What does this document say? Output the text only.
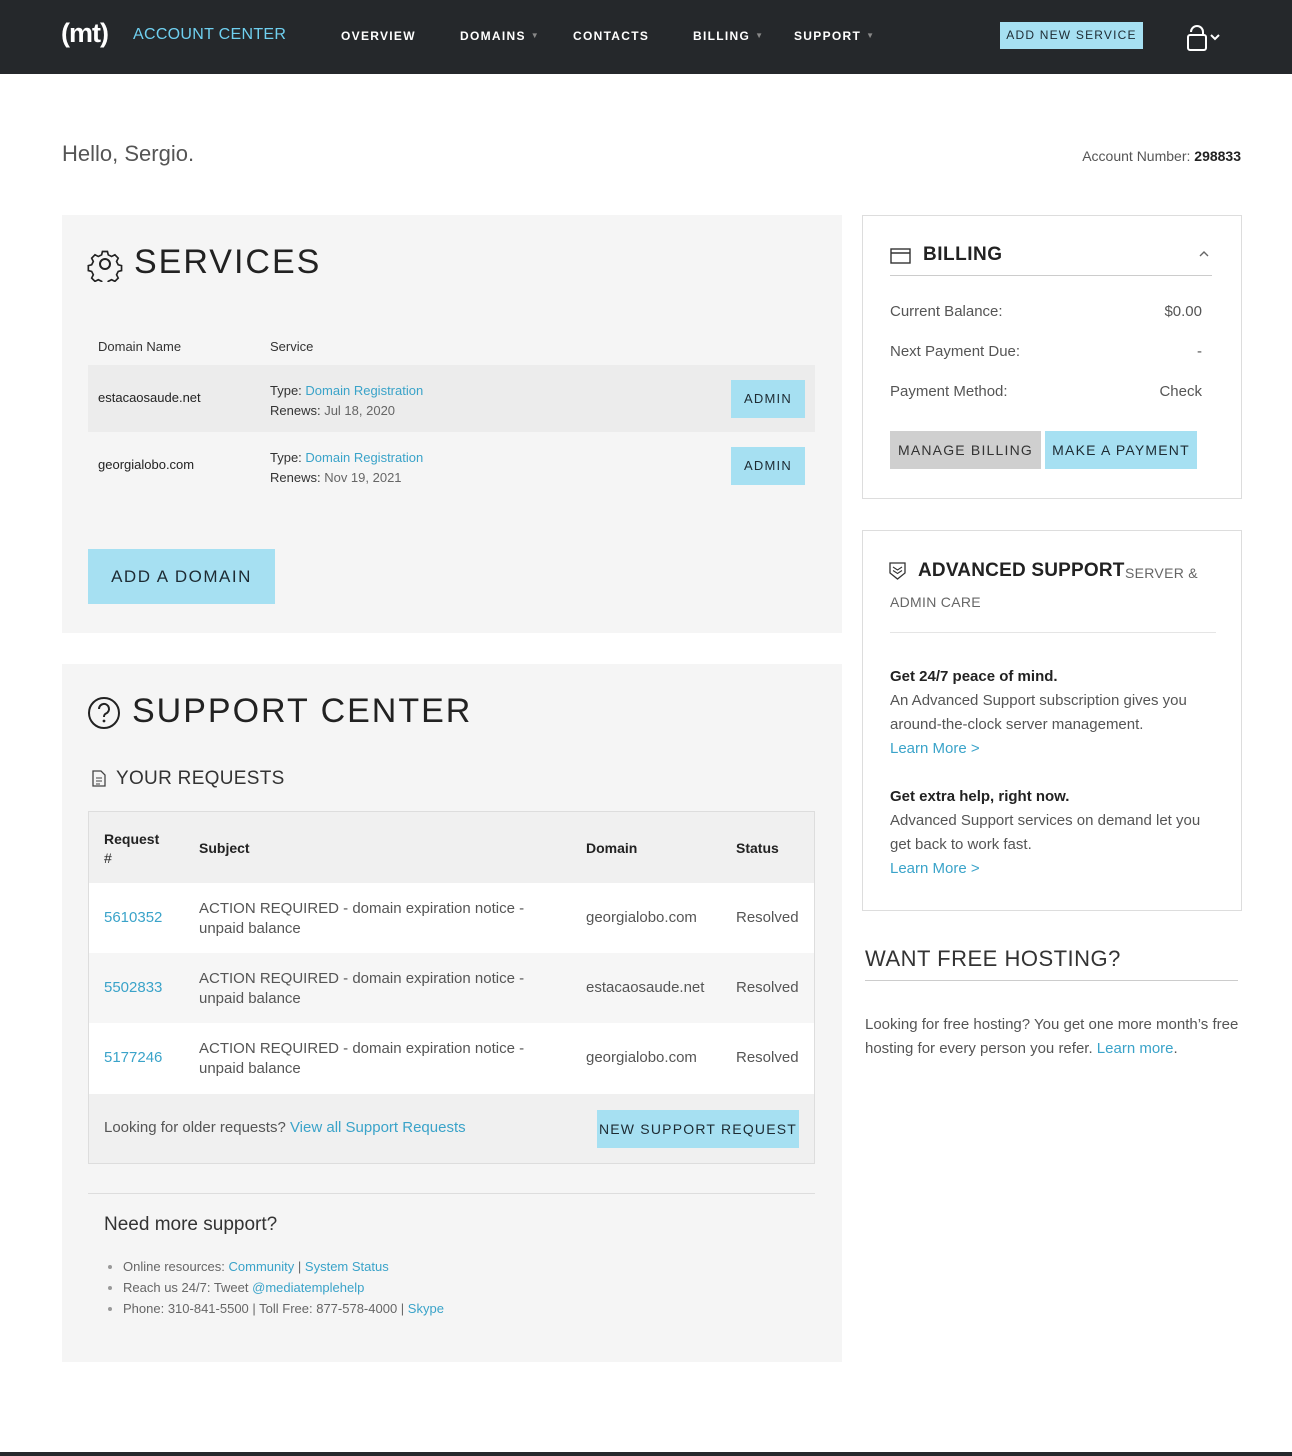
(mt) ACCOUNT CENTER	OVERVIEW	DOMAINS ▼	CONTACTS	BILLING ▼ SUPPORT ▼	ADD NEW SERVICE
Hello, Sergio.	Account Number: 298833
SERVICES
Domain Name	Service
estacaosaude.net	Type: Domain Registration
Renews: Jul 18, 2020
ADMIN
georgialobo.com	Type: Domain Registration
Renews: Nov 19, 2021
ADMIN
ADD A DOMAIN
SUPPORT CENTER
YOUR REQUESTS
Request
#
Subject	Domain	Status
5610352
ACTION REQUIRED - domain expiration notice - unpaid balance
georgialobo.com	Resolved
5502833
ACTION REQUIRED - domain expiration notice - unpaid balance
estacaosaude.net Resolved
5177246
ACTION REQUIRED - domain expiration notice - unpaid balance
georgialobo.com	Resolved
Looking for older requests? View all Support Requests	NEW SUPPORT REQUEST
Need more support?
• Online resources: Community | System Status
• Reach us 24/7: Tweet @mediatemplehelp
• Phone: 310-841-5500 | Toll Free: 877-578-4000 | Skype
BILLING
Current Balance:	$0.00
Next Payment Due:	-
Payment Method:	Check
MANAGE BILLING	MAKE A PAYMENT
ADVANCED SUPPORT SERVER &
ADMIN CARE
Get 24/7 peace of mind.
An Advanced Support subscription gives you around-the-clock server management.
Learn More >
Get extra help, right now.
Advanced Support services on demand let you get back to work fast.
Learn More >
WANT FREE HOSTING?
Looking for free hosting? You get one more month’s free hosting for every person you refer. Learn more.
